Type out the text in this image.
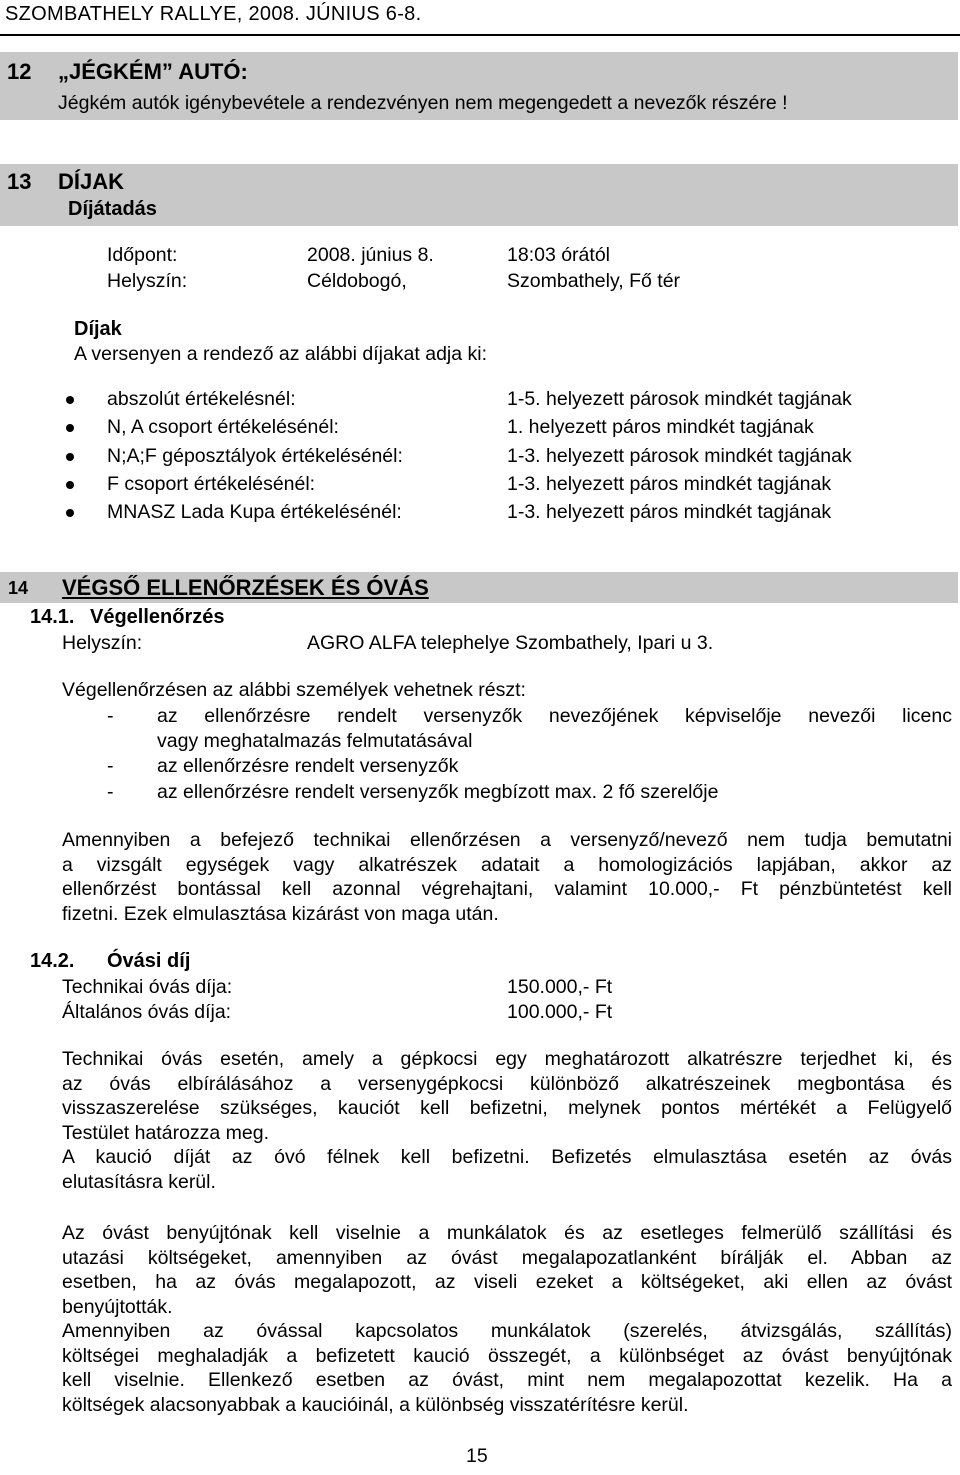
SZOMBATHELY RALLYE, 2008. JÚNIUS 6-8.
12 „JÉGKÉM” AUTÓ:
Jégkém autók igénybevétele a rendezvényen nem megengedett a nevezők részére !
13 DÍJAK
Díjátadás
Időpont:	2008. június 8.	18:03 órától
Helyszín:	Céldobogó,	Szombathely, Fő tér
Díjak
A versenyen a rendező az alábbi díjakat adja ki:
abszolút értékelésnél:	1-5. helyezett párosok mindkét tagjának
N, A csoport értékelésénél:	1. helyezett páros mindkét tagjának
N;A;F géposztályok értékelésénél:	1-3. helyezett párosok mindkét tagjának
F csoport értékelésénél:	1-3. helyezett páros mindkét tagjának
MNASZ Lada Kupa értékelésénél:	1-3. helyezett páros mindkét tagjának
14 VÉGSŐ ELLENŐRZÉSEK ÉS ÓVÁS
14.1. Végellenőrzés
Helyszín:	AGRO ALFA telephelye Szombathely, Ipari u 3.
Végellenőrzésen az alábbi személyek vehetnek részt:
- az ellenőrzésre rendelt versenyzők nevezőjének képviselője nevezői licenc
vagy meghatalmazás felmutatásával
- az ellenőrzésre rendelt versenyzők
- az ellenőrzésre rendelt versenyzők megbízott max. 2 fő szerelője
Amennyiben a befejező technikai ellenőrzésen a versenyző/nevező nem tudja bemutatni
a vizsgált egységek vagy alkatrészek adatait a homologizációs lapjában, akkor az
ellenőrzést bontással kell azonnal végrehajtani, valamint 10.000,- Ft pénzbüntetést kell
fizetni. Ezek elmulasztása kizárást von maga után.
14.2. Óvási díj
Technikai óvás díja:	150.000,- Ft
Általános óvás díja:	100.000,- Ft
Technikai óvás esetén, amely a gépkocsi egy meghatározott alkatrészre terjedhet ki, és
az óvás elbírálásához a versenygépkocsi különböző alkatrészeinek megbontása és
visszaszerelése szükséges, kauciót kell befizetni, melynek pontos mértékét a Felügyelő
Testület határozza meg.
A kaució díját az óvó félnek kell befizetni. Befizetés elmulasztása esetén az óvás
elutasításra kerül.
Az óvást benyújtónak kell viselnie a munkálatok és az esetleges felmerülő szállítási és
utazási költségeket, amennyiben az óvást megalapozatlanként bírálják el. Abban az
esetben, ha az óvás megalapozott, az viseli ezeket a költségeket, aki ellen az óvást
benyújtották.
Amennyiben az óvással kapcsolatos munkálatok (szerelés, átvizsgálás, szállítás)
költségei meghaladják a befizetett kaució összegét, a különbséget az óvást benyújtónak
kell viselnie. Ellenkező esetben az óvást, mint nem megalapozottat kezelik. Ha a
költségek alacsonyabbak a kaucióinál, a különbség visszatérítésre kerül.
15
